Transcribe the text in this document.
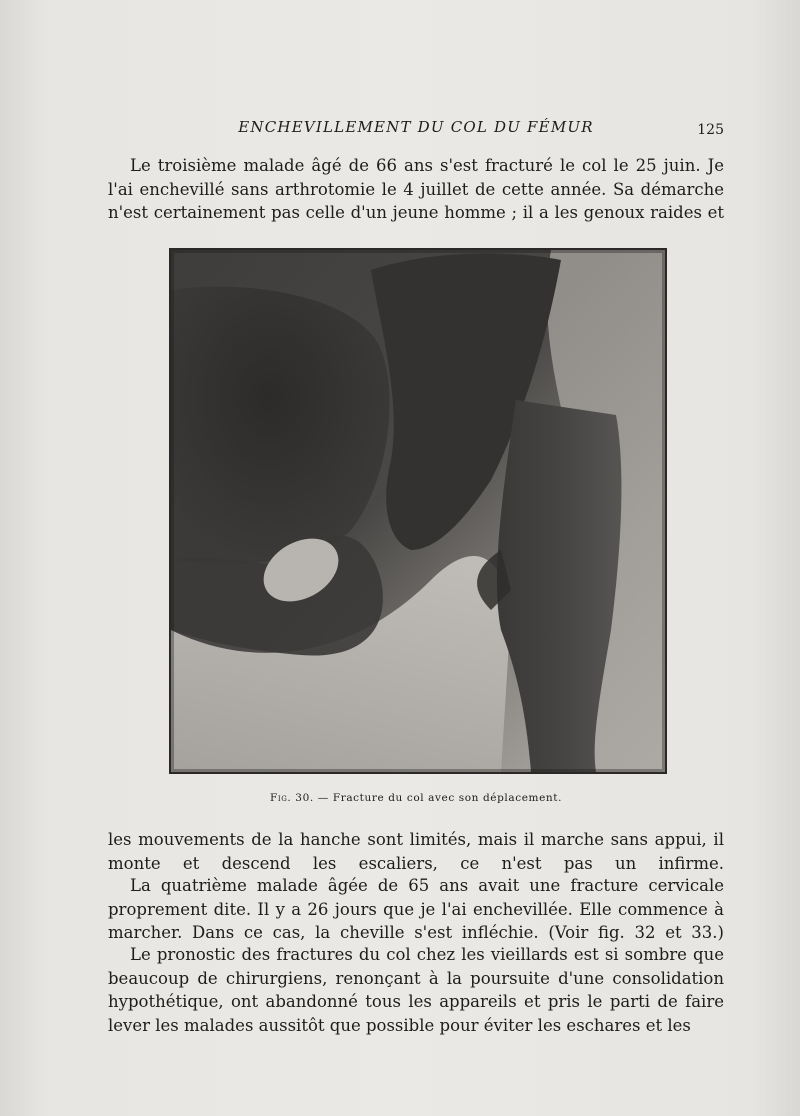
ENCHEVILLEMENT DU COL DU FÉMUR	125

Le troisième malade âgé de 66 ans s'est fracturé le col le 25 juin. Je l'ai enchevillé sans arthrotomie le 4 juillet de cette année. Sa démarche n'est certainement pas celle d'un jeune homme ; il a les genoux raides et

Fig. 30. — Fracture du col avec son déplacement.

les mouvements de la hanche sont limités, mais il marche sans appui, il monte et descend les escaliers, ce n'est pas un infirme.

La quatrième malade âgée de 65 ans avait une fracture cervicale proprement dite. Il y a 26 jours que je l'ai enchevillée. Elle commence à marcher. Dans ce cas, la cheville s'est infléchie. (Voir fig. 32 et 33.)

Le pronostic des fractures du col chez les vieillards est si sombre que beaucoup de chirurgiens, renonçant à la poursuite d'une consolidation hypothétique, ont abandonné tous les appareils et pris le parti de faire lever les malades aussitôt que possible pour éviter les eschares et les
